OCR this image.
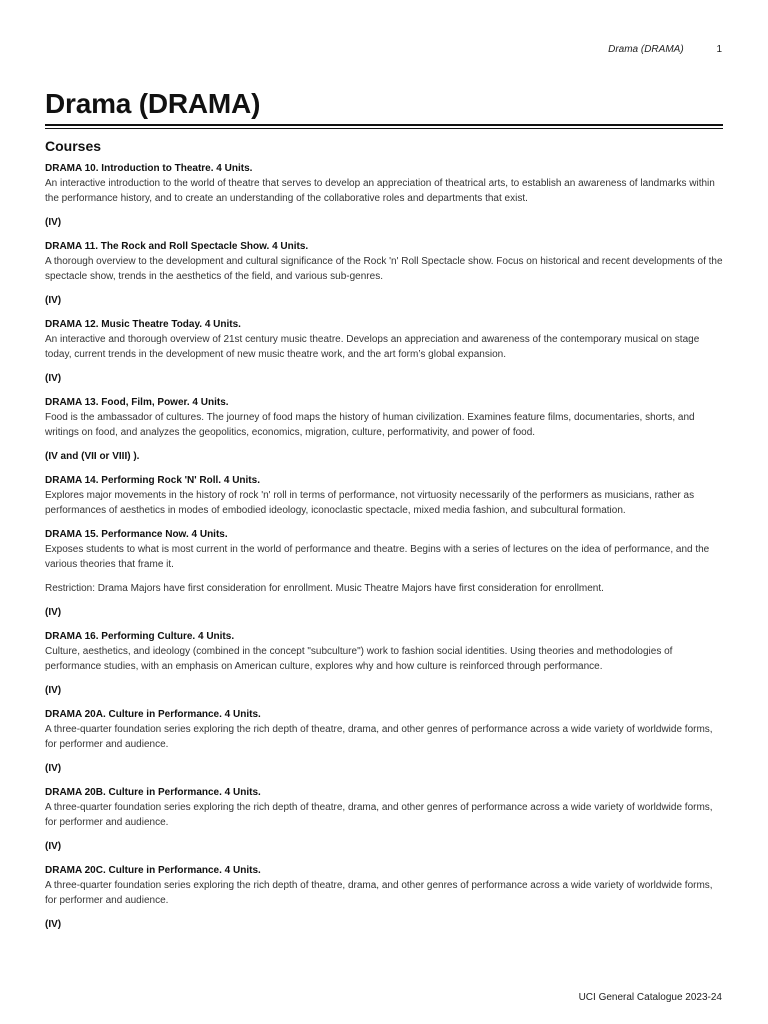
Drama (DRAMA)	1
Drama (DRAMA)
Courses

DRAMA 10. Introduction to Theatre. 4 Units.

An interactive introduction to the world of theatre that serves to develop an appreciation of theatrical arts, to establish an awareness of landmarks within the performance history, and to create an understanding of the collaborative roles and departments that exist.

(IV)

DRAMA 11. The Rock and Roll Spectacle Show. 4 Units.

A thorough overview to the development and cultural significance of the Rock 'n' Roll Spectacle show. Focus on historical and recent developments of the spectacle show, trends in the aesthetics of the field, and various sub-genres.

(IV)

DRAMA 12. Music Theatre Today. 4 Units.

An interactive and thorough overview of 21st century music theatre. Develops an appreciation and awareness of the contemporary musical on stage today, current trends in the development of new music theatre work, and the art form’s global expansion.

(IV)

DRAMA 13. Food, Film, Power. 4 Units.

Food is the ambassador of cultures. The journey of food maps the history of human civilization. Examines feature films, documentaries, shorts, and writings on food, and analyzes the geopolitics, economics, migration, culture, performativity, and power of food.

(IV and (VII or VIII) ).

DRAMA 14. Performing Rock 'N' Roll. 4 Units.

Explores major movements in the history of rock 'n' roll in terms of performance, not virtuosity necessarily of the performers as musicians, rather as performances of aesthetics in modes of embodied ideology, iconoclastic spectacle, mixed media fashion, and subcultural formation.

DRAMA 15. Performance Now. 4 Units.

Exposes students to what is most current in the world of performance and theatre. Begins with a series of lectures on the idea of performance, and the various theories that frame it.

Restriction: Drama Majors have first consideration for enrollment. Music Theatre Majors have first consideration for enrollment.

(IV)

DRAMA 16. Performing Culture. 4 Units.

Culture, aesthetics, and ideology (combined in the concept "subculture") work to fashion social identities. Using theories and methodologies of performance studies, with an emphasis on American culture, explores why and how culture is reinforced through performance.

(IV)

DRAMA 20A. Culture in Performance. 4 Units.

A three-quarter foundation series exploring the rich depth of theatre, drama, and other genres of performance across a wide variety of worldwide forms, for performer and audience.

(IV)

DRAMA 20B. Culture in Performance. 4 Units.

A three-quarter foundation series exploring the rich depth of theatre, drama, and other genres of performance across a wide variety of worldwide forms, for performer and audience.

(IV)

DRAMA 20C. Culture in Performance. 4 Units.

A three-quarter foundation series exploring the rich depth of theatre, drama, and other genres of performance across a wide variety of worldwide forms, for performer and audience.

(IV)

UCI General Catalogue 2023-24
